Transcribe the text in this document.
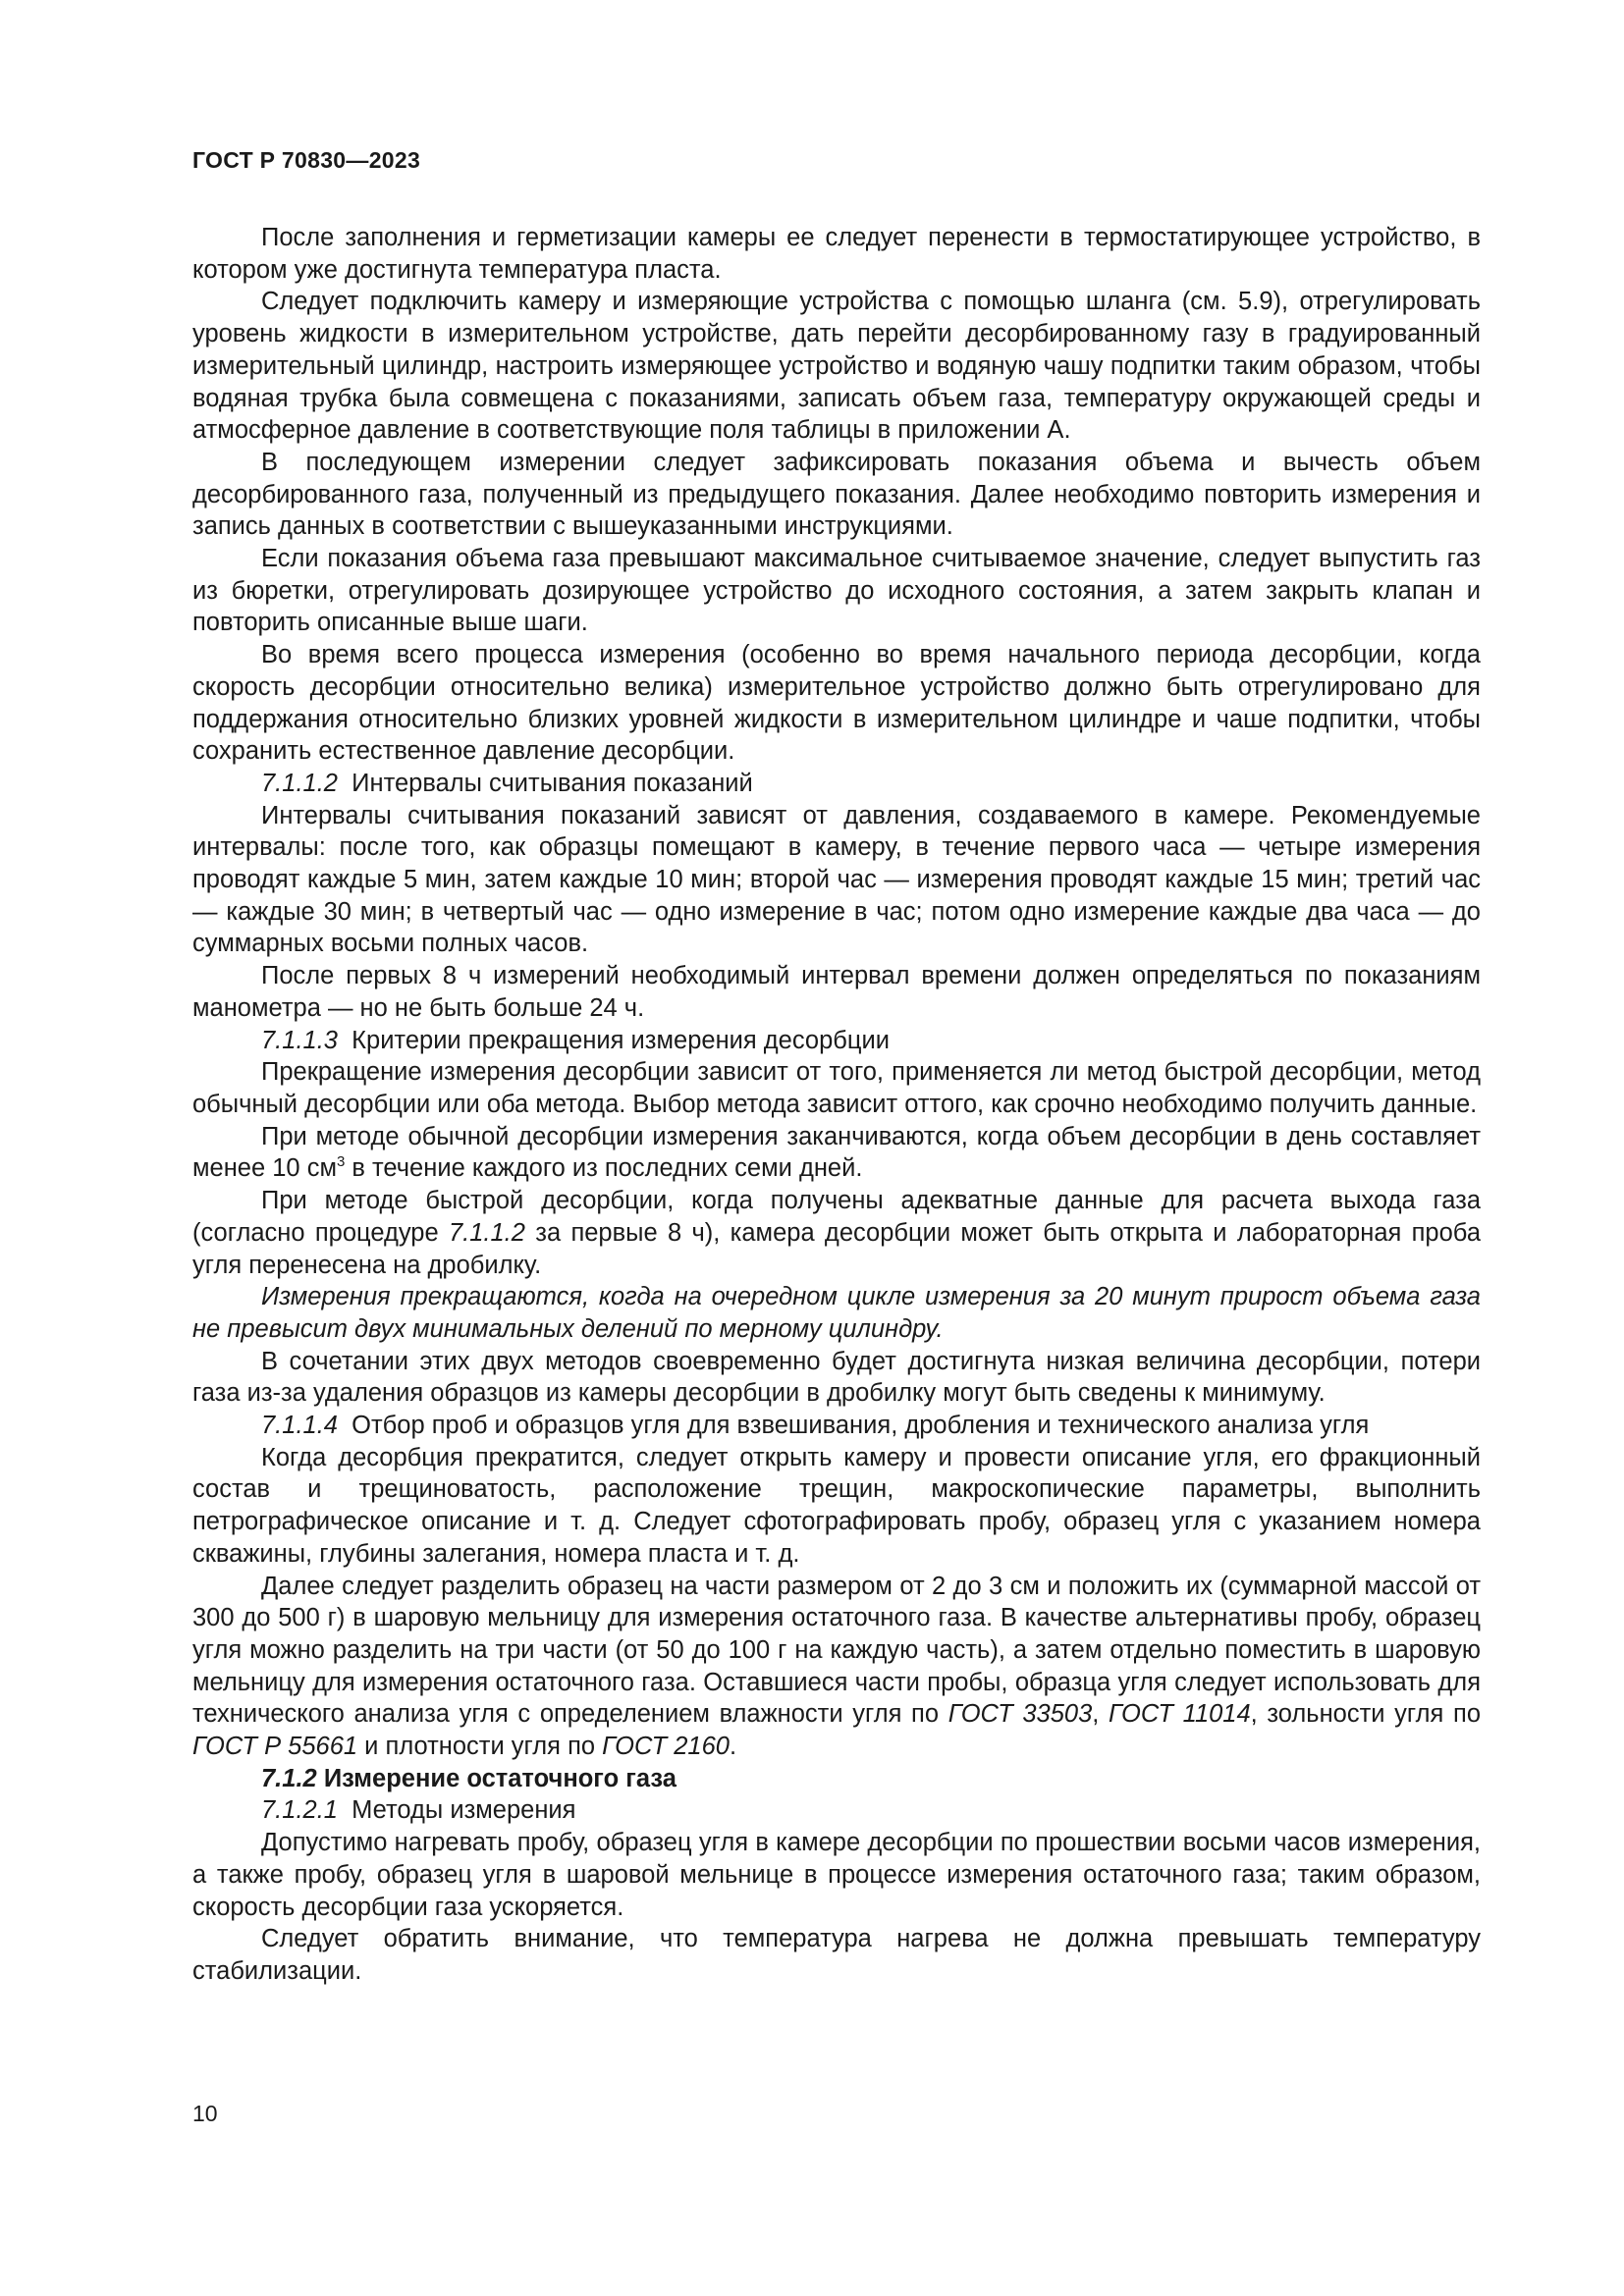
ГОСТ Р 70830—2023

После заполнения и герметизации камеры ее следует перенести в термостатирующее устройство, в котором уже достигнута температура пласта.

Следует подключить камеру и измеряющие устройства с помощью шланга (см. 5.9), отрегулировать уровень жидкости в измерительном устройстве, дать перейти десорбированному газу в градуированный измерительный цилиндр, настроить измеряющее устройство и водяную чашу подпитки таким образом, чтобы водяная трубка была совмещена с показаниями, записать объем газа, температуру окружающей среды и атмосферное давление в соответствующие поля таблицы в приложении А.

В последующем измерении следует зафиксировать показания объема и вычесть объем десорбированного газа, полученный из предыдущего показания. Далее необходимо повторить измерения и запись данных в соответствии с вышеуказанными инструкциями.

Если показания объема газа превышают максимальное считываемое значение, следует выпустить газ из бюретки, отрегулировать дозирующее устройство до исходного состояния, а затем закрыть клапан и повторить описанные выше шаги.

Во время всего процесса измерения (особенно во время начального периода десорбции, когда скорость десорбции относительно велика) измерительное устройство должно быть отрегулировано для поддержания относительно близких уровней жидкости в измерительном цилиндре и чаше подпитки, чтобы сохранить естественное давление десорбции.

7.1.1.2 Интервалы считывания показаний

Интервалы считывания показаний зависят от давления, создаваемого в камере. Рекомендуемые интервалы: после того, как образцы помещают в камеру, в течение первого часа — четыре измерения проводят каждые 5 мин, затем каждые 10 мин; второй час — измерения проводят каждые 15 мин; третий час — каждые 30 мин; в четвертый час — одно измерение в час; потом одно измерение каждые два часа — до суммарных восьми полных часов.

После первых 8 ч измерений необходимый интервал времени должен определяться по показаниям манометра — но не быть больше 24 ч.

7.1.1.3 Критерии прекращения измерения десорбции

Прекращение измерения десорбции зависит от того, применяется ли метод быстрой десорбции, метод обычный десорбции или оба метода. Выбор метода зависит оттого, как срочно необходимо получить данные.

При методе обычной десорбции измерения заканчиваются, когда объем десорбции в день составляет менее 10 $см^3$ в течение каждого из последних семи дней.

При методе быстрой десорбции, когда получены адекватные данные для расчета выхода газа (согласно процедуре 7.1.1.2 за первые 8 ч), камера десорбции может быть открыта и лабораторная проба угля перенесена на дробилку.

Измерения прекращаются, когда на очередном цикле измерения за 20 минут прирост объема газа не превысит двух минимальных делений по мерному цилиндру.

В сочетании этих двух методов своевременно будет достигнута низкая величина десорбции, потери газа из-за удаления образцов из камеры десорбции в дробилку могут быть сведены к минимуму.

7.1.1.4 Отбор проб и образцов угля для взвешивания, дробления и технического анализа угля

Когда десорбция прекратится, следует открыть камеру и провести описание угля, его фракционный состав и трещиноватость, расположение трещин, макроскопические параметры, выполнить петрографическое описание и т. д. Следует сфотографировать пробу, образец угля с указанием номера скважины, глубины залегания, номера пласта и т. д.

Далее следует разделить образец на части размером от 2 до 3 см и положить их (суммарной массой от 300 до 500 г) в шаровую мельницу для измерения остаточного газа. В качестве альтернативы пробу, образец угля можно разделить на три части (от 50 до 100 г на каждую часть), а затем отдельно поместить в шаровую мельницу для измерения остаточного газа. Оставшиеся части пробы, образца угля следует использовать для технического анализа угля с определением влажности угля по ГОСТ 33503, ГОСТ 11014, зольности угля по ГОСТ Р 55661 и плотности угля по ГОСТ 2160.

7.1.2 Измерение остаточного газа

7.1.2.1 Методы измерения

Допустимо нагревать пробу, образец угля в камере десорбции по прошествии восьми часов измерения, а также пробу, образец угля в шаровой мельнице в процессе измерения остаточного газа; таким образом, скорость десорбции газа ускоряется.

Следует обратить внимание, что температура нагрева не должна превышать температуру стабилизации.

10
